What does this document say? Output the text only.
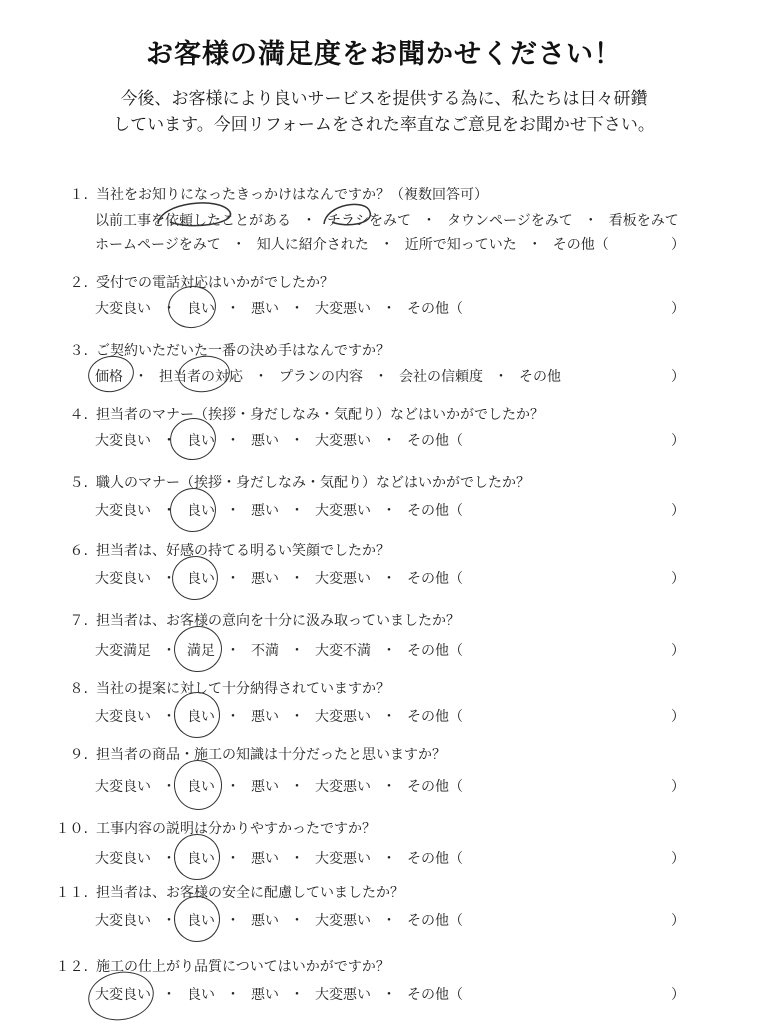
お客様の満足度をお聞かせください！
今後、お客様により良いサービスを提供する為に、私たちは日々研鑽
しています。今回リフォームをされた率直なご意見をお聞かせ下さい。
１. 当社をお知りになったきっかけはなんですか？（複数回答可）
以前工事を依頼したことがある ・ チラシをみて ・ タウンページをみて ・ 看板をみて
ホームページをみて ・ 知人に紹介された ・ 近所で知っていた ・ その他（	）
２. 受付での電話対応はいかがでしたか？
大変良い ・ 良い ・ 悪い ・ 大変悪い ・ その他（	）
３. ご契約いただいた一番の決め手はなんですか？
価格 ・ 担当者の対応 ・ プランの内容 ・ 会社の信頼度 ・ その他	）
４. 担当者のマナー（挨拶・身だしなみ・気配り）などはいかがでしたか？
大変良い ・ 良い ・ 悪い ・ 大変悪い ・ その他（	）
５. 職人のマナー（挨拶・身だしなみ・気配り）などはいかがでしたか？
大変良い ・ 良い ・ 悪い ・ 大変悪い ・ その他（	）
６. 担当者は、好感の持てる明るい笑顔でしたか？
大変良い ・ 良い ・ 悪い ・ 大変悪い ・ その他（	）
７. 担当者は、お客様の意向を十分に汲み取っていましたか？
大変満足 ・ 満足 ・ 不満 ・ 大変不満 ・ その他（	）
８. 当社の提案に対して十分納得されていますか？
大変良い ・ 良い ・ 悪い ・ 大変悪い ・ その他（	）
９. 担当者の商品・施工の知識は十分だったと思いますか？
大変良い ・ 良い ・ 悪い ・ 大変悪い ・ その他（	）
１０. 工事内容の説明は分かりやすかったですか？
大変良い ・ 良い ・ 悪い ・ 大変悪い ・ その他（	）
１１. 担当者は、お客様の安全に配慮していましたか？
大変良い ・ 良い ・ 悪い ・ 大変悪い ・ その他（	）
１２. 施工の仕上がり品質についてはいかがですか？
大変良い ・ 良い ・ 悪い ・ 大変悪い ・ その他（	）
